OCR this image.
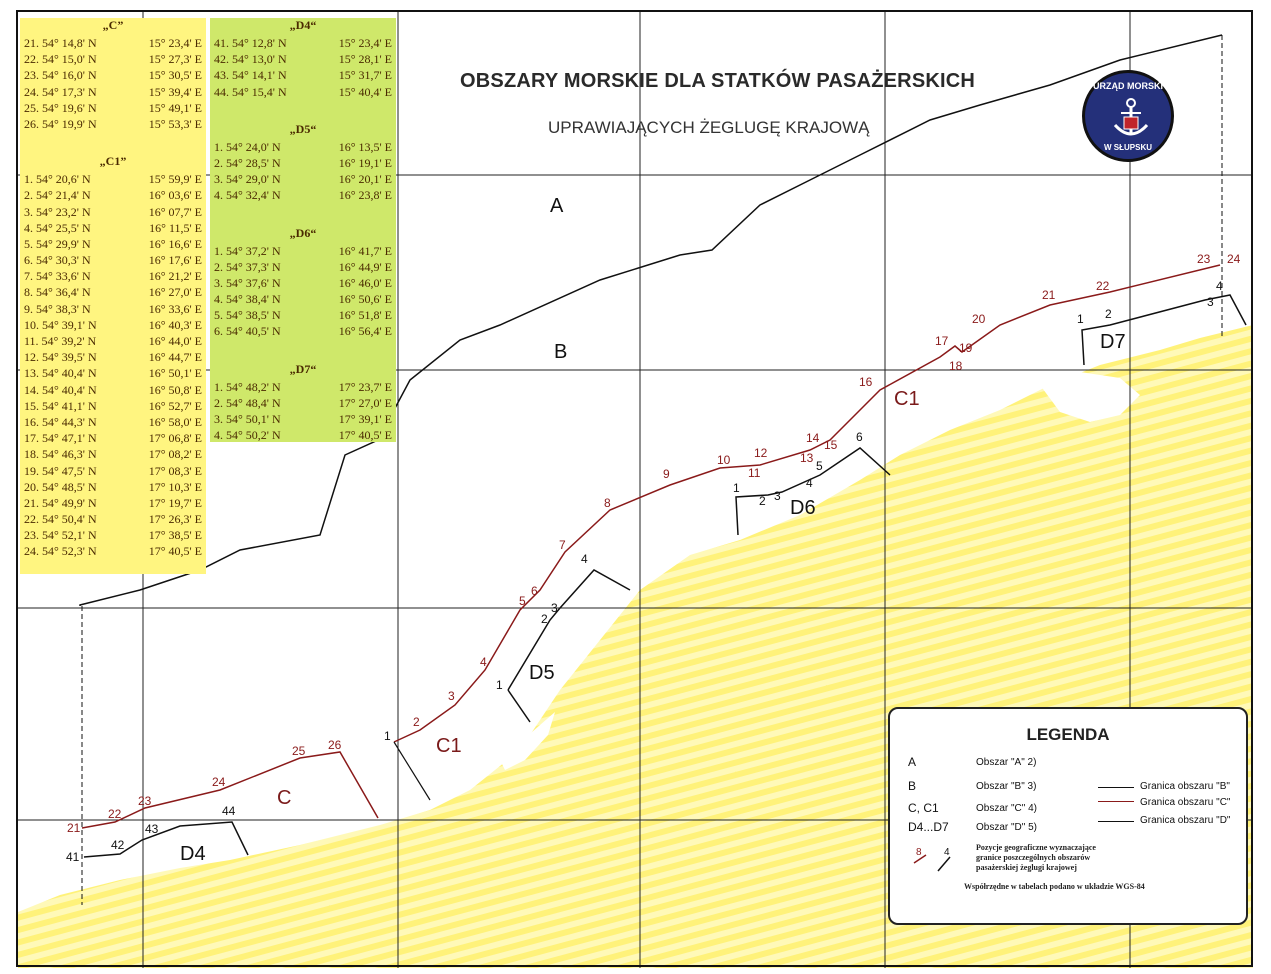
„C”
21. 54° 14,8' N	15° 23,4' E
22. 54° 15,0' N	15° 27,3' E
23. 54° 16,0' N	15° 30,5' E
24. 54° 17,3' N	15° 39,4' E
25. 54° 19,6' N	15° 49,1' E
26. 54° 19,9' N	15° 53,3' E
„C1”
1. 54° 20,6' N	15° 59,9' E
2. 54° 21,4' N	16° 03,6' E
3. 54° 23,2' N	16° 07,7' E
4. 54° 25,5' N	16° 11,5' E
5. 54° 29,9' N	16° 16,6' E
6. 54° 30,3' N	16° 17,6' E
7. 54° 33,6' N	16° 21,2' E
8. 54° 36,4' N	16° 27,0' E
9. 54° 38,3' N	16° 33,6' E
10. 54° 39,1' N	16° 40,3' E
11. 54° 39,2' N	16° 44,0' E
12. 54° 39,5' N	16° 44,7' E
13. 54° 40,4' N	16° 50,1' E
14. 54° 40,4' N	16° 50,8' E
15. 54° 41,1' N	16° 52,7' E
16. 54° 44,3' N	16° 58,0' E
17. 54° 47,1' N	17° 06,8' E
18. 54° 46,3' N	17° 08,2' E
19. 54° 47,5' N	17° 08,3' E
20. 54° 48,5' N	17° 10,3' E
21. 54° 49,9' N	17° 19,7' E
22. 54° 50,4' N	17° 26,3' E
23. 54° 52,1' N	17° 38,5' E
24. 54° 52,3' N	17° 40,5' E
„D4“
41. 54° 12,8' N	15° 23,4' E
42. 54° 13,0' N	15° 28,1' E
43. 54° 14,1' N	15° 31,7' E
44. 54° 15,4' N	15° 40,4' E
„D5“
1. 54° 24,0' N	16° 13,5' E
2. 54° 28,5' N	16° 19,1' E
3. 54° 29,0' N	16° 20,1' E
4. 54° 32,4' N	16° 23,8' E
„D6“
1. 54° 37,2' N	16° 41,7' E
2. 54° 37,3' N	16° 44,9' E
3. 54° 37,6' N	16° 46,0' E
4. 54° 38,4' N	16° 50,6' E
5. 54° 38,5' N	16° 51,8' E
6. 54° 40,5' N	16° 56,4' E
„D7“
1. 54° 48,2' N	17° 23,7' E
2. 54° 48,4' N	17° 27,0' E
3. 54° 50,1' N	17° 39,1' E
4. 54° 50,2' N	17° 40,5' E
OBSZARY MORSKIE DLA STATKÓW PASAŻERSKICH
UPRAWIAJĄCYCH ŻEGLUGĘ KRAJOWĄ
URZĄD MORSKI
W SŁUPSKU
A
B
C
C1
C1
D4
D5
D6
D7
21
22
23
24
25 26
1
2
3
4
5
6
7
8
9
10
11
12	13
14 15
16
17
18
19
20
21
22
23 24
41
42
43
44
1
2
3
4
1
2 3
4
5
6
1 2
3
4
LEGENDA
A	Obszar "A" 2)
B	Obszar "B" 3)	Granica obszaru "B"
C, C1	Obszar "C" 4)
Granica obszaru "C"
D4...D7	Obszar "D" 5)
Granica obszaru "D"
8 4	Pozycje geograficzne wyznaczające
granice poszczególnych obszarów
pasażerskiej żeglugi krajowej
Współrzędne w tabelach podano w układzie WGS-84
